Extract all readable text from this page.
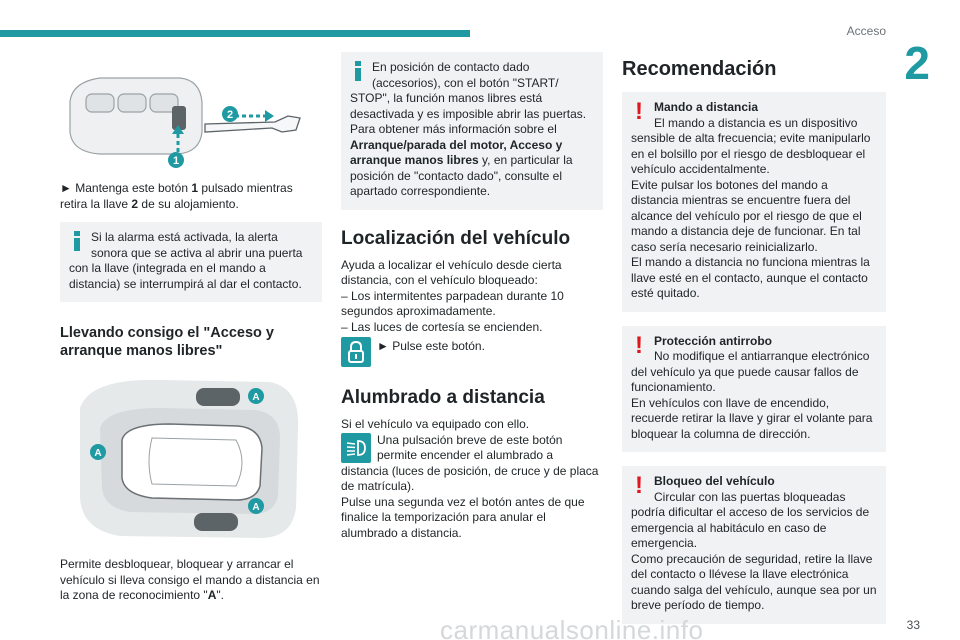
Acceso
2
1
2

► Mantenga este botón 1 pulsado mientras retira la llave 2 de su alojamiento.

Si la alarma está activada, la alerta
sonora que se activa al abrir una puerta
con la llave (integrada en el mando a distancia) se interrumpirá al dar el contacto.
Llevando consigo el "Acceso y arranque manos libres"
A
A
A

Permite desbloquear, bloquear y arrancar el vehículo si lleva consigo el mando a distancia en la zona de reconocimiento "A".

En posición de contacto dado
(accesorios), con el botón "START/
STOP", la función manos libres está desactivada y es imposible abrir las puertas. Para obtener más información sobre el Arranque/parada del motor, Acceso y arranque manos libres y, en particular la posición de "contacto dado", consulte el apartado correspondiente.
Localización del vehículo

Ayuda a localizar el vehículo desde cierta distancia, con el vehículo bloqueado:

– Los intermitentes parpadean durante 10 segundos aproximadamente.

– Las luces de cortesía se encienden.

► Pulse este botón.
Alumbrado a distancia

Si el vehículo va equipado con ello.

Una pulsación breve de este botón
permite encender el alumbrado a

distancia (luces de posición, de cruce y de placa de matrícula).

Pulse una segunda vez el botón antes de que finalice la temporización para anular el alumbrado a distancia.

Recomendación
! Mando a distancia
El mando a distancia es un dispositivo
sensible de alta frecuencia; evite manipularlo en el bolsillo por el riesgo de desbloquear el vehículo accidentalmente.
Evite pulsar los botones del mando a distancia mientras se encuentre fuera del alcance del vehículo por el riesgo de que el mando a distancia deje de funcionar. En tal caso sería necesario reinicializarlo.
El mando a distancia no funciona mientras la llave esté en el contacto, aunque el contacto esté quitado.
! Protección antirrobo
No modifique el antiarranque electrónico
del vehículo ya que puede causar fallos de funcionamiento.
En vehículos con llave de encendido, recuerde retirar la llave y girar el volante para bloquear la columna de dirección.
! Bloqueo del vehículo
Circular con las puertas bloqueadas
podría dificultar el acceso de los servicios de emergencia al habitáculo en caso de emergencia.
Como precaución de seguridad, retire la llave del contacto o llévese la llave electrónica cuando salga del vehículo, aunque sea por un breve período de tiempo.
carmanualsonline.info	33
